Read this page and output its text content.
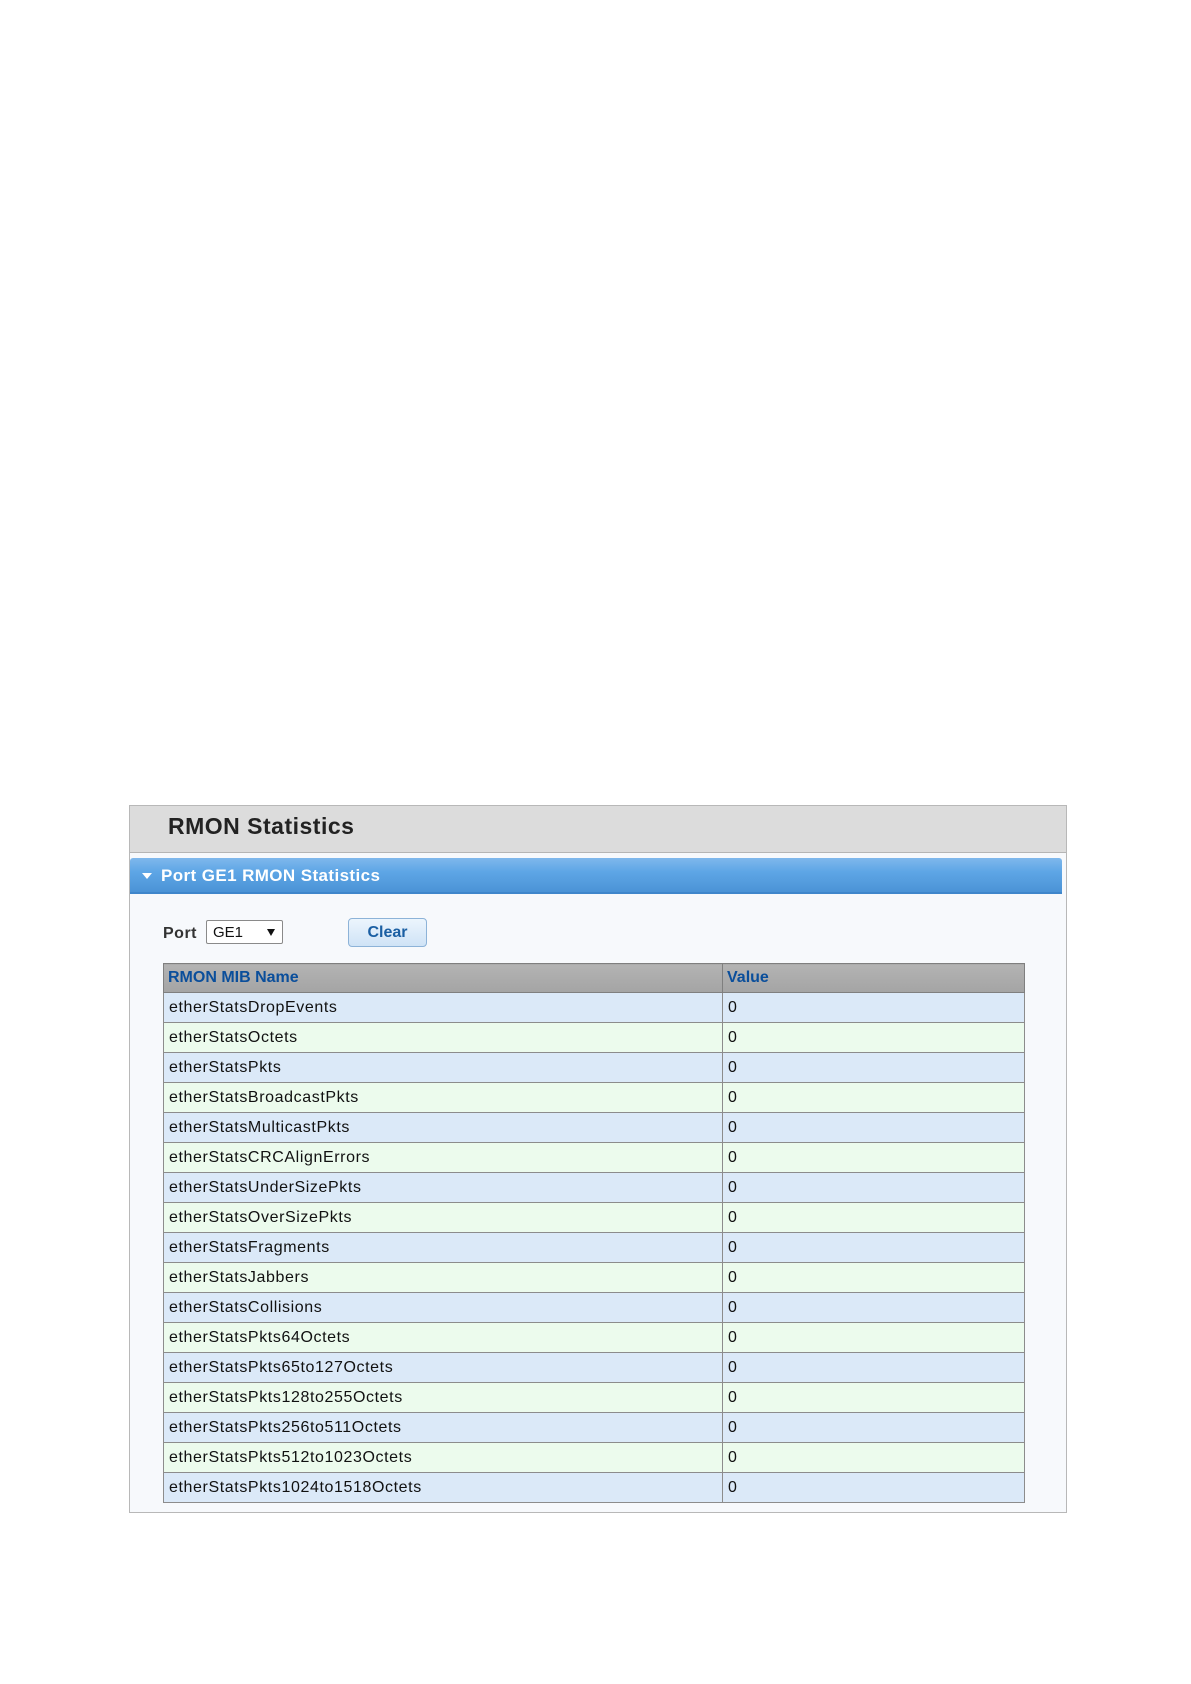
RMON Statistics
Port GE1 RMON Statistics
Port GE1	Clear
RMON MIB Name	Value
etherStatsDropEvents	0
etherStatsOctets	0
etherStatsPkts	0
etherStatsBroadcastPkts	0
etherStatsMulticastPkts	0
etherStatsCRCAlignErrors	0
etherStatsUnderSizePkts	0
etherStatsOverSizePkts	0
etherStatsFragments	0
etherStatsJabbers	0
etherStatsCollisions	0
etherStatsPkts64Octets	0
etherStatsPkts65to127Octets	0
etherStatsPkts128to255Octets	0
etherStatsPkts256to511Octets	0
etherStatsPkts512to1023Octets	0
etherStatsPkts1024to1518Octets	0
